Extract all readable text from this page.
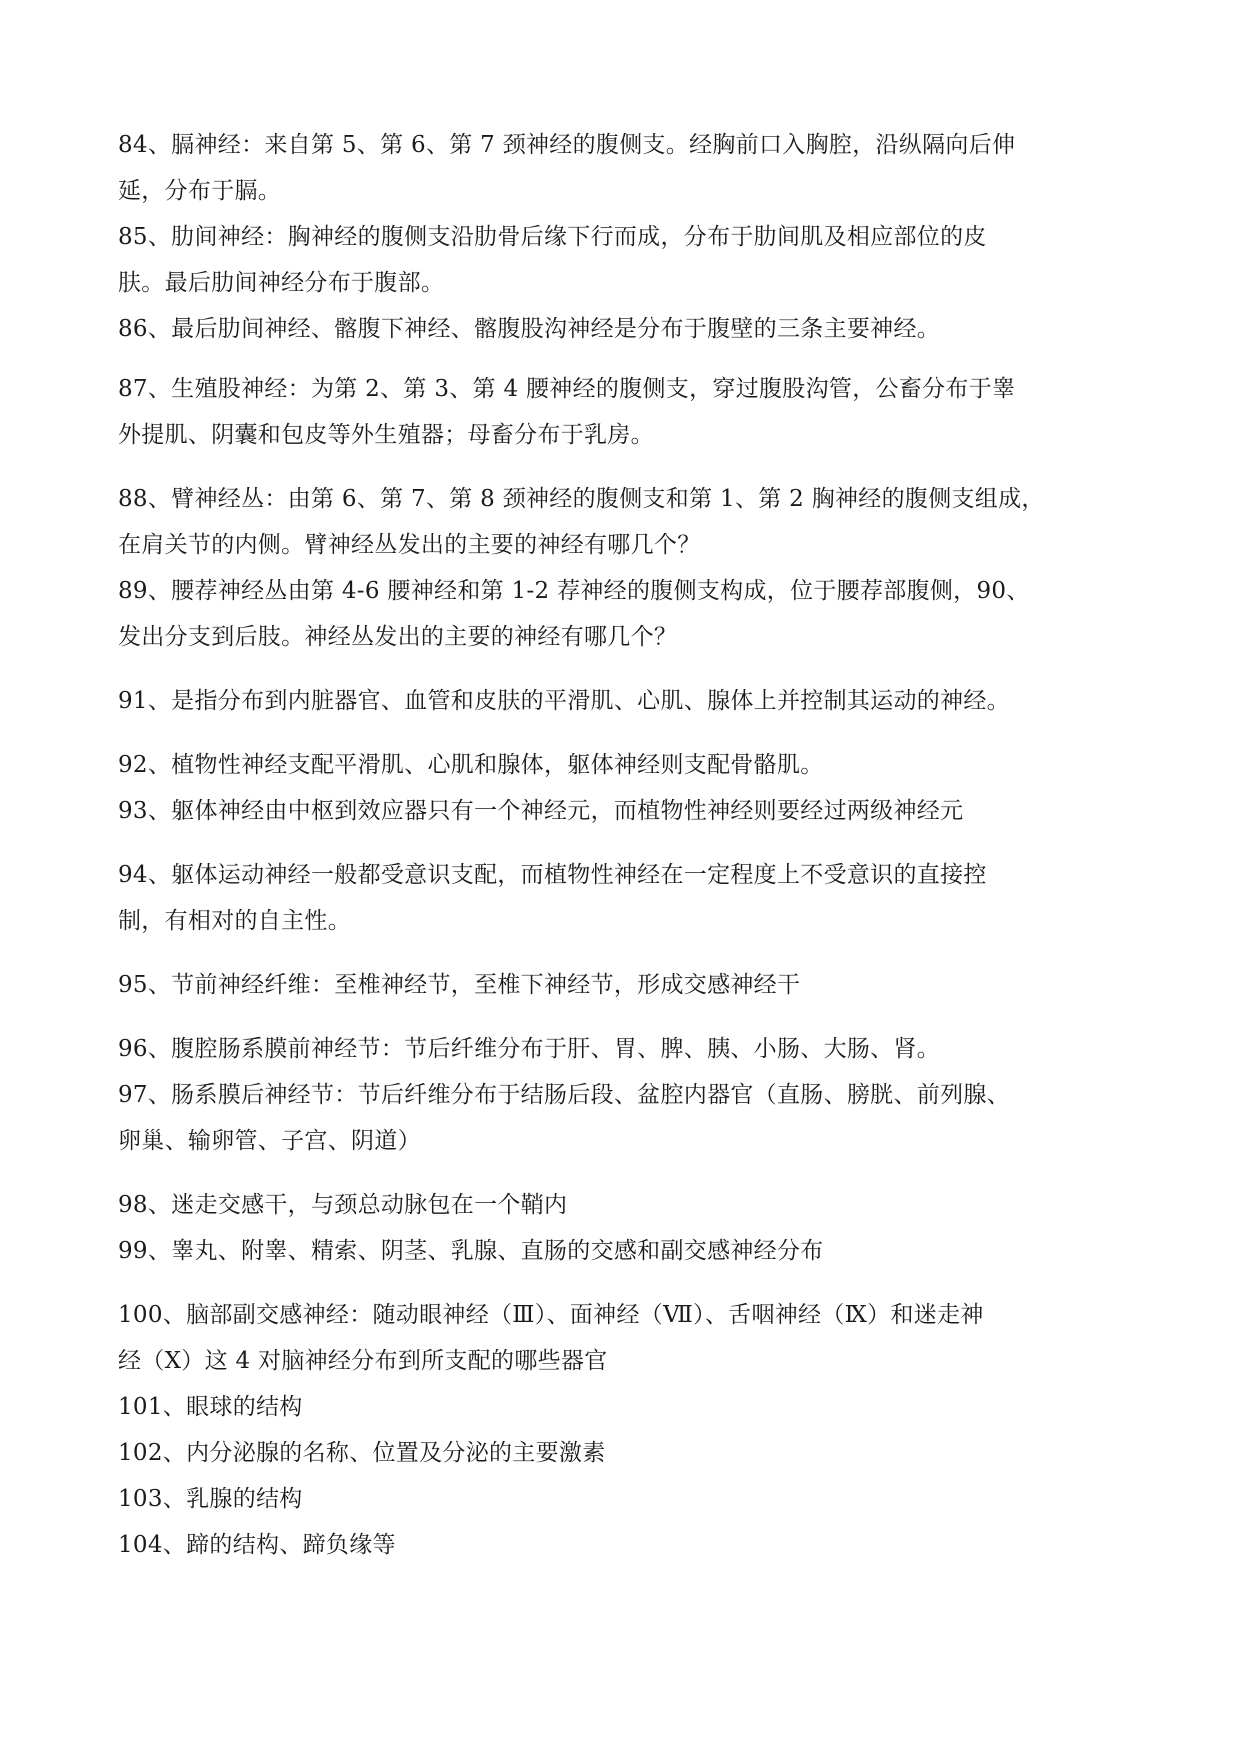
84、膈神经：来自第 5、第 6、第 7 颈神经的腹侧支。经胸前口入胸腔，沿纵隔向后伸
延，分布于膈。

85、肋间神经：胸神经的腹侧支沿肋骨后缘下行而成，分布于肋间肌及相应部位的皮
肤。最后肋间神经分布于腹部。

86、最后肋间神经、髂腹下神经、髂腹股沟神经是分布于腹壁的三条主要神经。

87、生殖股神经：为第 2、第 3、第 4 腰神经的腹侧支，穿过腹股沟管，公畜分布于睾
外提肌、阴囊和包皮等外生殖器；母畜分布于乳房。

88、臂神经丛：由第 6、第 7、第 8 颈神经的腹侧支和第 1、第 2 胸神经的腹侧支组成，
在肩关节的内侧。臂神经丛发出的主要的神经有哪几个？

89、腰荐神经丛由第 4-6 腰神经和第 1-2 荐神经的腹侧支构成，位于腰荐部腹侧，90、
发出分支到后肢。神经丛发出的主要的神经有哪几个？

91、是指分布到内脏器官、血管和皮肤的平滑肌、心肌、腺体上并控制其运动的神经。

92、植物性神经支配平滑肌、心肌和腺体，躯体神经则支配骨骼肌。

93、躯体神经由中枢到效应器只有一个神经元，而植物性神经则要经过两级神经元

94、躯体运动神经一般都受意识支配，而植物性神经在一定程度上不受意识的直接控
制，有相对的自主性。

95、节前神经纤维：至椎神经节，至椎下神经节，形成交感神经干

96、腹腔肠系膜前神经节：节后纤维分布于肝、胃、脾、胰、小肠、大肠、肾。

97、肠系膜后神经节：节后纤维分布于结肠后段、盆腔内器官（直肠、膀胱、前列腺、
卵巢、输卵管、子宫、阴道）

98、迷走交感干，与颈总动脉包在一个鞘内

99、睾丸、附睾、精索、阴茎、乳腺、直肠的交感和副交感神经分布

100、脑部副交感神经：随动眼神经（Ⅲ）、面神经（Ⅶ）、舌咽神经（Ⅸ）和迷走神
经（Ⅹ）这 4 对脑神经分布到所支配的哪些器官

101、眼球的结构

102、内分泌腺的名称、位置及分泌的主要激素

103、乳腺的结构

104、蹄的结构、蹄负缘等
